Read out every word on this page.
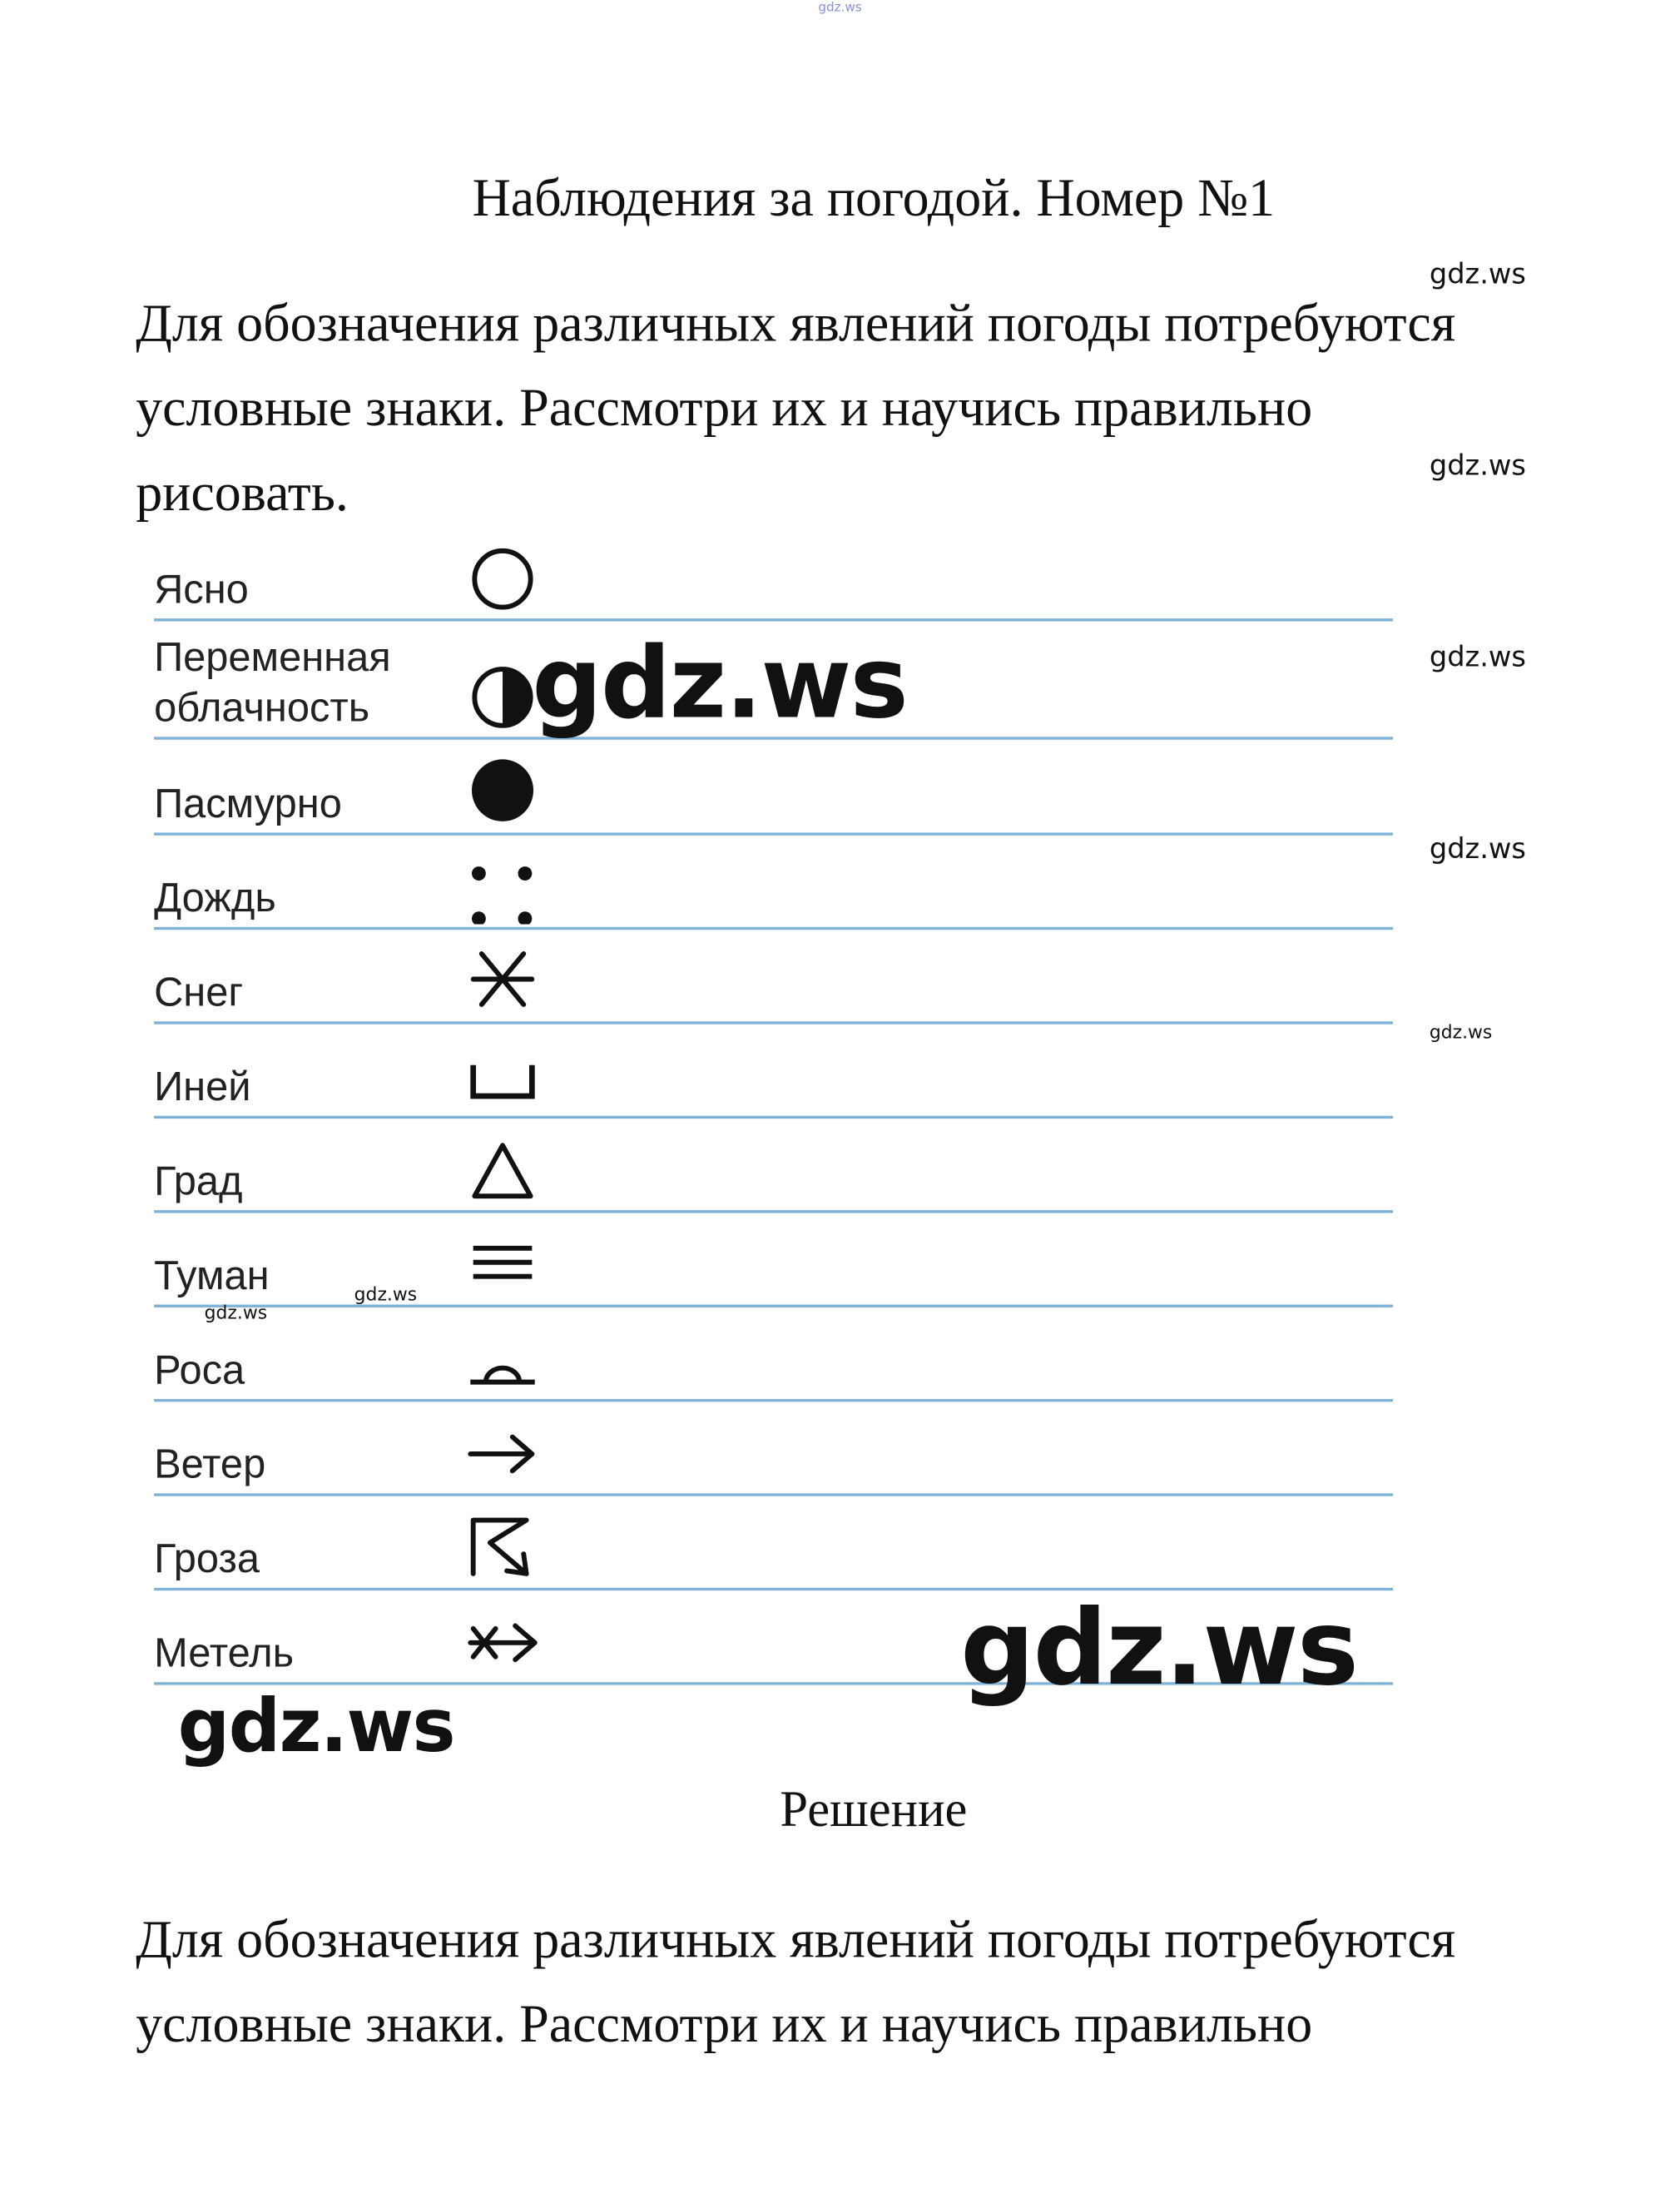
gdz.ws
Наблюдения за погодой. Номер №1
Для обозначения различных явлений погоды потребуются
условные знаки. Рассмотри их и научись правильно
рисовать.
gdz.ws
gdz.ws
gdz.ws
gdz.ws
gdz.ws
Ясно
Переменная
облачность
Пасмурно
Дождь
Снег
Иней
Град
Туман
Роса
Ветер
Гроза
Метель
gdz.ws
gdz.ws
gdz.ws
gdz.ws
gdz.ws
Решение
Для обозначения различных явлений погоды потребуются
условные знаки. Рассмотри их и научись правильно
